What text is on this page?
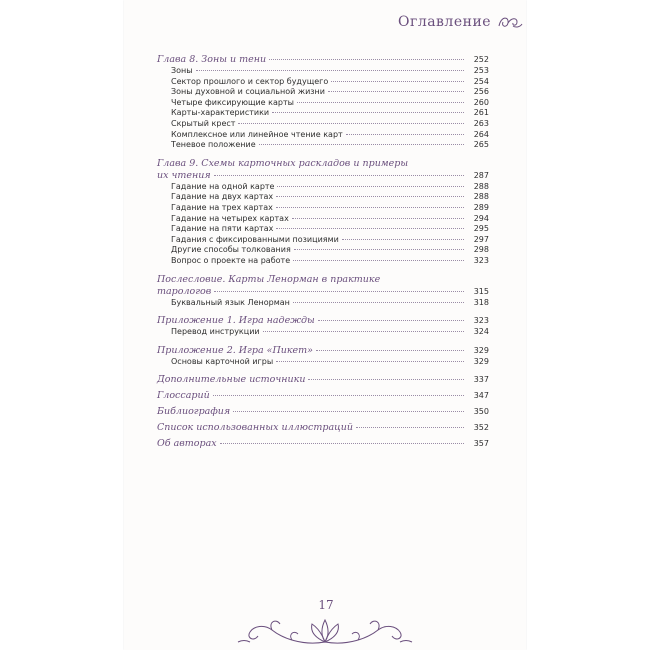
Оглавление
Глава 8. Зоны и тени	252
Зоны	253
Сектор прошлого и сектор будущего	254
Зоны духовной и социальной жизни	256
Четыре фиксирующие карты	260
Карты-характеристики	261
Скрытый крест	263
Комплексное или линейное чтение карт	264
Теневое положение	265
Глава 9. Схемы карточных раскладов и примеры
их чтения	287
Гадание на одной карте	288
Гадание на двух картах	288
Гадание на трех картах	289
Гадание на четырех картах	294
Гадание на пяти картах	295
Гадания с фиксированными позициями	297
Другие способы толкования	298
Вопрос о проекте на работе	323
Послесловие. Карты Ленорман в практике
тарологов	315
Буквальный язык Ленорман	318
Приложение 1. Игра надежды	323
Перевод инструкции	324
Приложение 2. Игра «Пикет»	329
Основы карточной игры	329
Дополнительные источники	337
Глоссарий	347
Библиография	350
Список использованных иллюстраций	352
Об авторах	357
17
